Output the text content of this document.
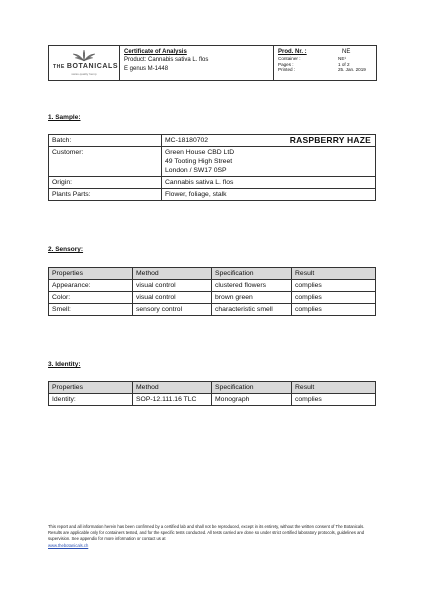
THE BOTANICALS
swiss quality hemp
Certificate of Analysis
Product: Cannabis sativa L. flos
E genus M-1448
Prod. Nr. :	NE
Container :	NE¹
Pages :	1 of 2
Printed :	25. Jan. 2019
1. Sample:
Batch:	MC-18180702 RASPBERRY HAZE

Customer:	Green House CBD LtD
49 Tooting High Street
London / SW17 0SP

Origin:	Cannabis sativa L. flos
Plants Parts:	Flower, foliage, stalk
2. Sensory:
Properties	Method	Specification	Result
Appearance:	visual control	clustered flowers	complies
Color:	visual control	brown green	complies
Smell:	sensory control	characteristic smell	complies
3. Identity:
Properties	Method	Specification	Result
Identity:	SOP-12.111.16 TLC	Monograph	complies
This report and all information herein has been confirmed by a certified lab and shall not be reproduced, except in its entirety, without the written consent of The Botanicals. Results are applicable only for containers tested, and for the specific tests conducted. All tests carried are done so under strict certified laboratory protocols, guidelines and supervision. See appendix for more information or contact us at
www.thebotanicals.ch
